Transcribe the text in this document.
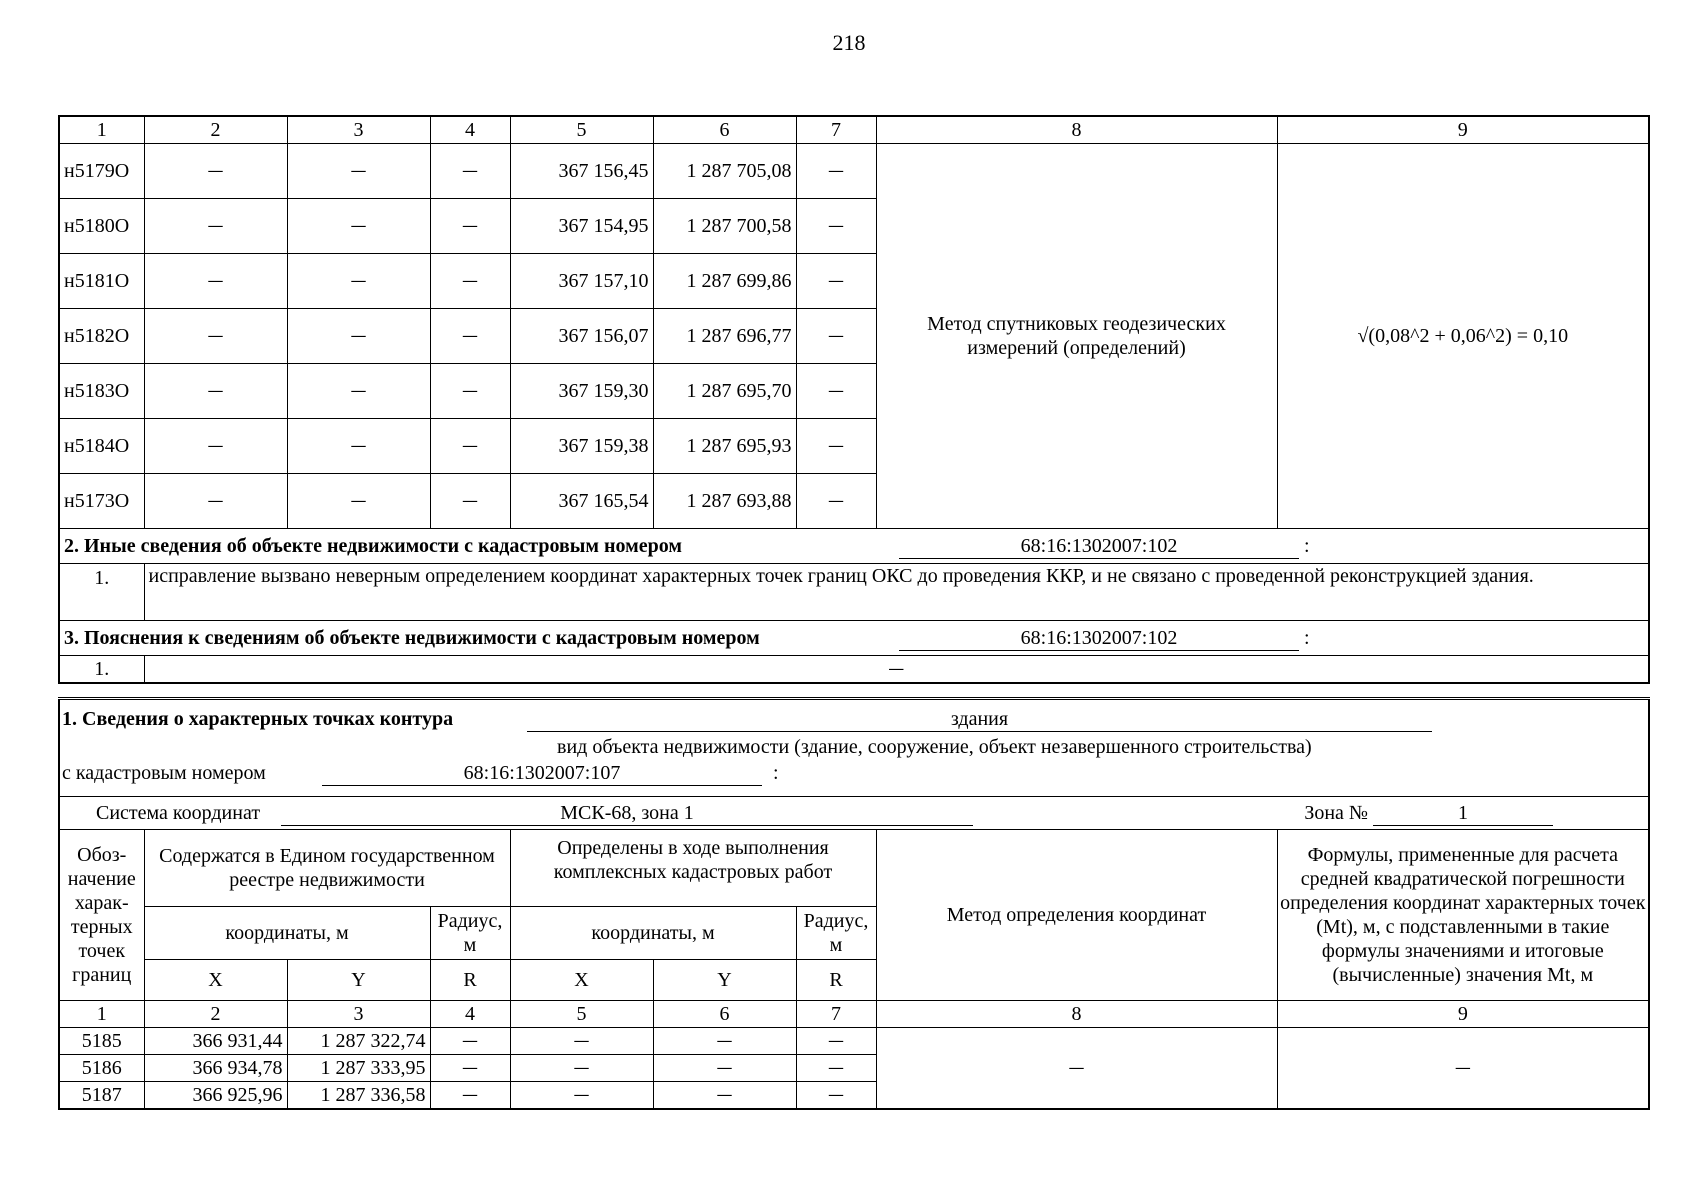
218
1	2	3	4	5	6	7	8	9
н5179О	—	—	—	367 156,45	1 287 705,08	—	Метод спутниковых геодезических измерений (определений)	√(0,08^2 + 0,06^2) = 0,10
н5180О	—	—	—	367 154,95	1 287 700,58	—		
н5181О	—	—	—	367 157,10	1 287 699,86	—		
н5182О	—	—	—	367 156,07	1 287 696,77	—		
н5183О	—	—	—	367 159,30	1 287 695,70	—		
н5184О	—	—	—	367 159,38	1 287 695,93	—		
н5173О	—	—	—	367 165,54	1 287 693,88	—		
2. Иные сведения об объекте недвижимости с кадастровым номером 68:16:1302007:102 :								
1.	исправление вызвано неверным определением координат характерных точек границ ОКС до проведения ККР, и не связано с проведенной реконструкцией здания.							
3. Пояснения к сведениям об объекте недвижимости с кадастровым номером 68:16:1302007:102 :								
1.	—							
1. Сведения о характерных точках контура здания
вид объекта недвижимости (здание, сооружение, объект незавершенного строительства)
с кадастровым номером 68:16:1302007:107 :								

Система координат МСК-68, зона 1 Зона № 1								
Обоз-начение харак-терных точек границ	Содержатся в Едином государственном реестре недвижимости			Определены в ходе выполнения комплексных кадастровых работ			Метод определения координат	Формулы, примененные для расчета средней квадратической погрешности определения координат характерных точек (Mt), м, с подставленными в такие формулы значениями и итоговые (вычисленные) значения Mt, м
	координаты, м		Радиус, м	координаты, м		Радиус, м		
	X	Y	R	X	Y	R		
1	2	3	4	5	6	7	8	9
5185	366 931,44	1 287 322,74	—	—	—	—	—	—
5186	366 934,78	1 287 333,95	—	—	—	—		
5187	366 925,96	1 287 336,58	—	—	—	—		
